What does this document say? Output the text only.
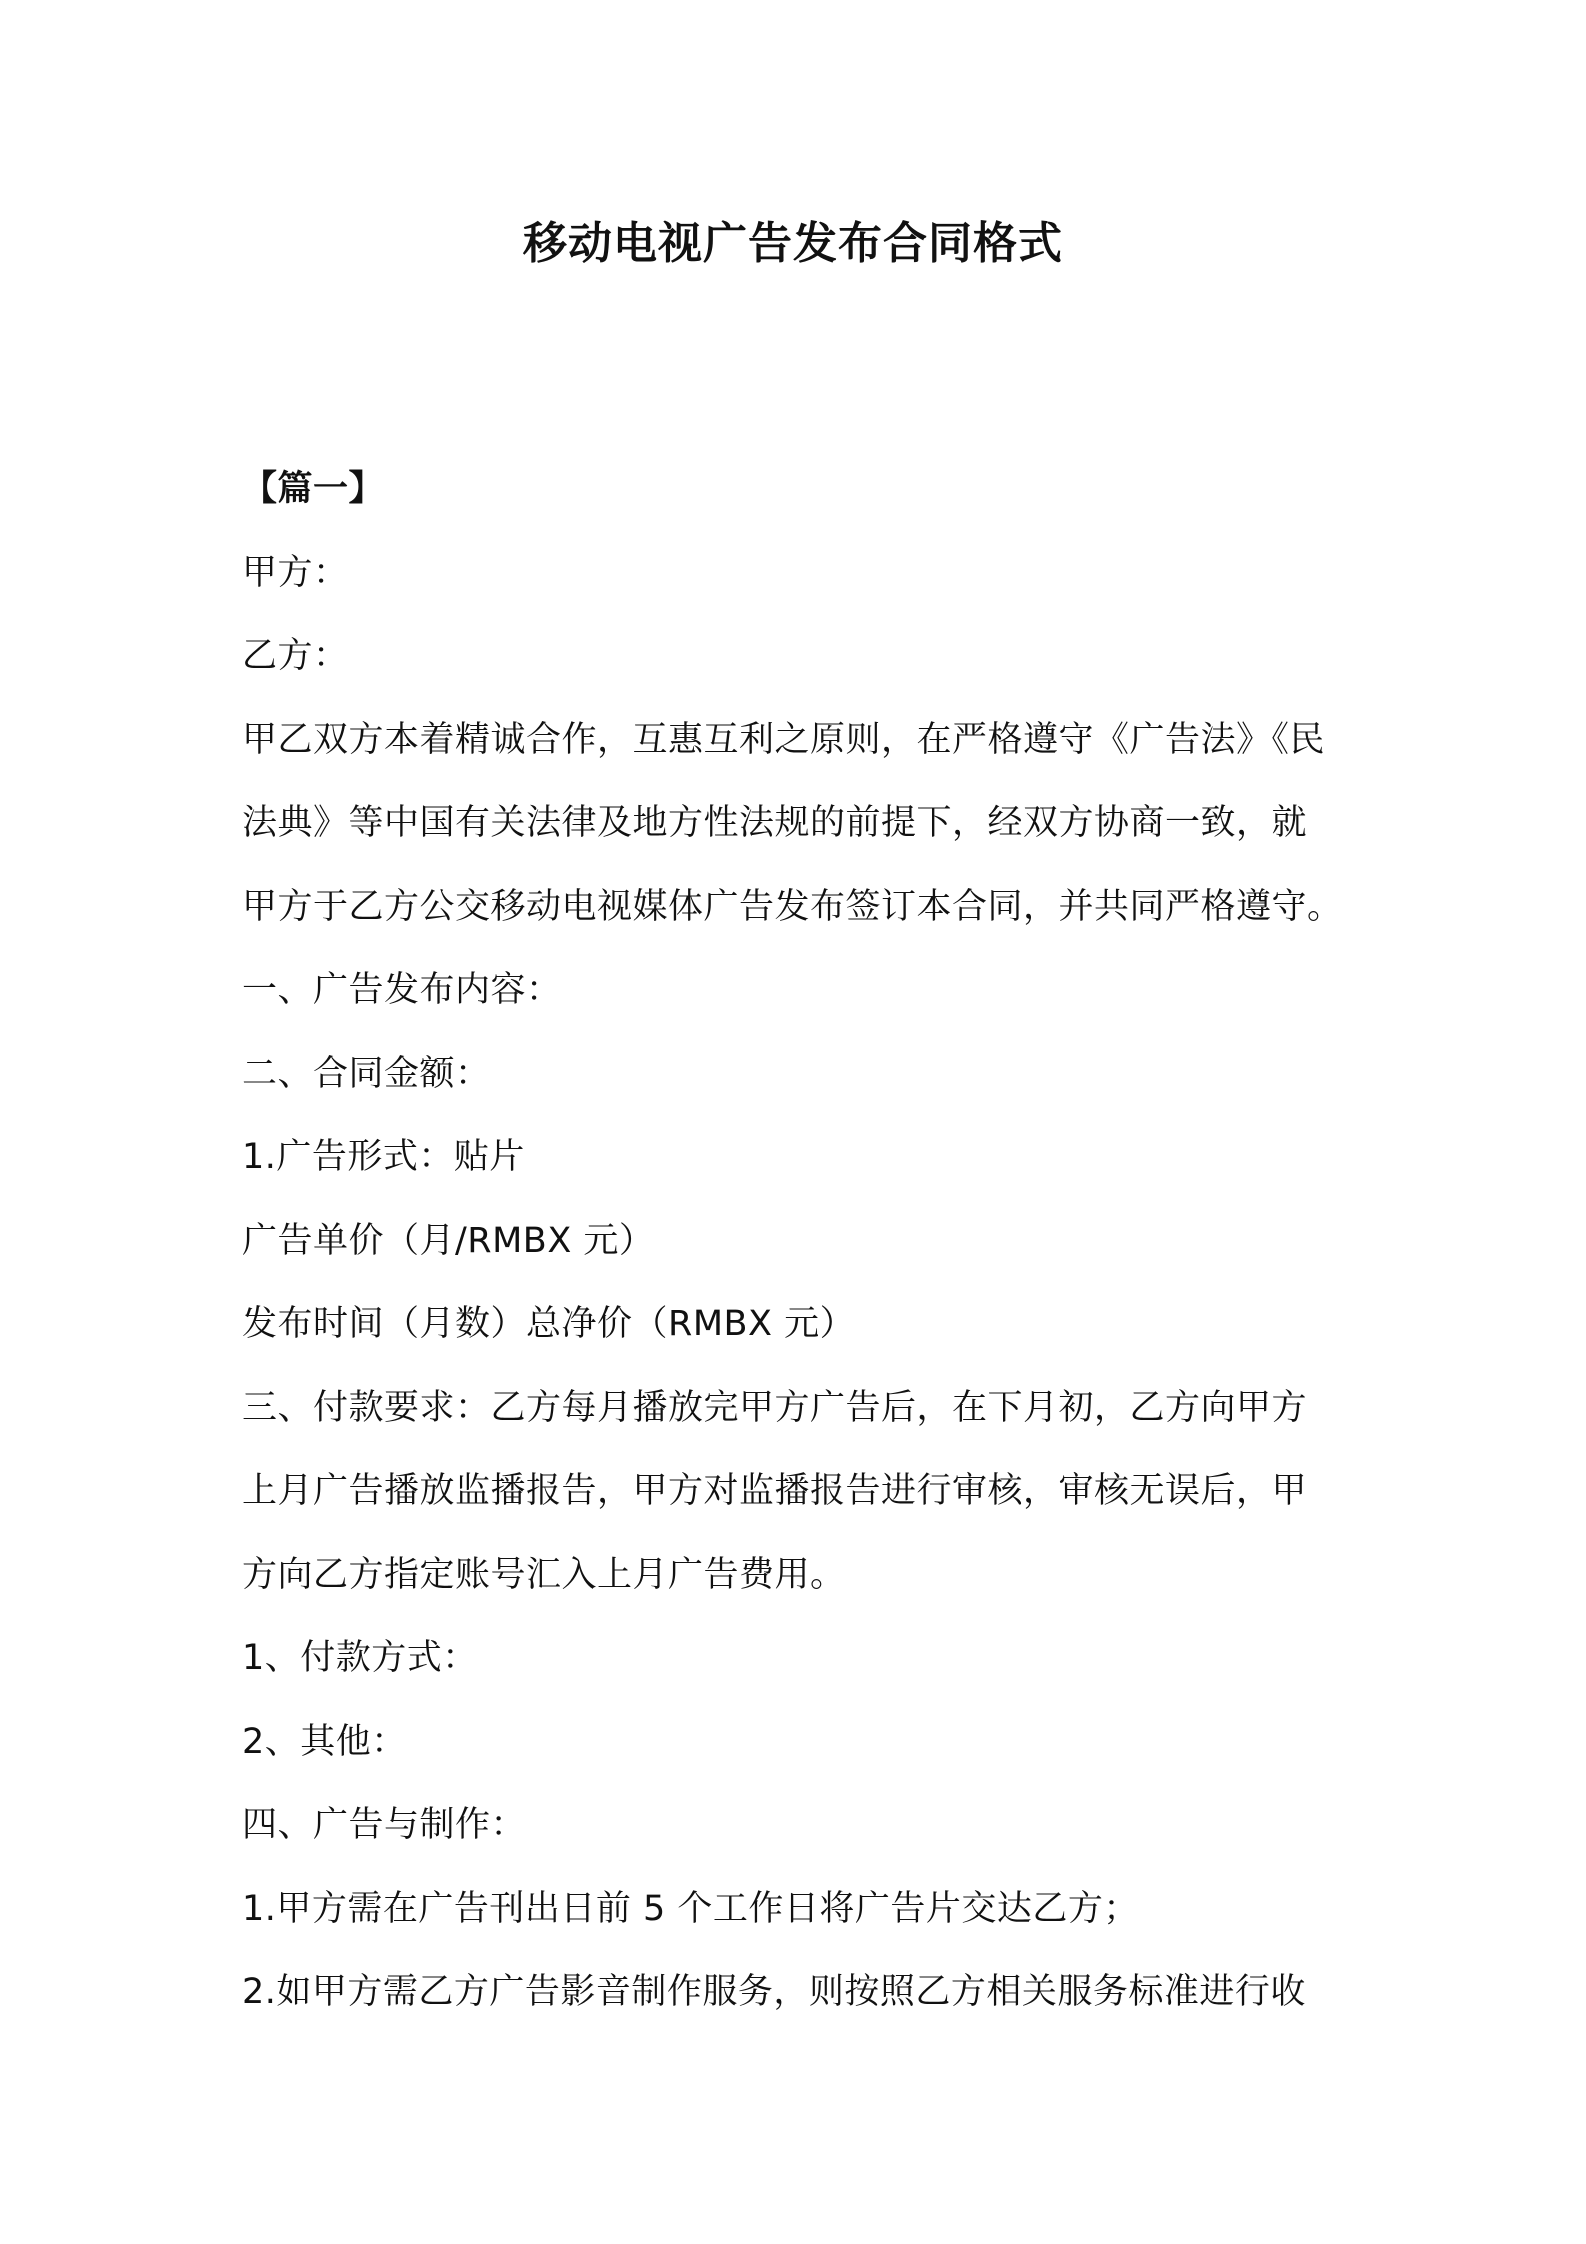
移动电视广告发布合同格式
【篇一】
甲方：
乙方：
甲乙双方本着精诚合作，互惠互利之原则，在严格遵守《广告法》《民
法典》等中国有关法律及地方性法规的前提下，经双方协商一致，就
甲方于乙方公交移动电视媒体广告发布签订本合同，并共同严格遵守。
一、广告发布内容：
二、合同金额：
1.广告形式：贴片
广告单价（月/RMBX 元）
发布时间（月数）总净价（RMBX 元）
三、付款要求：乙方每月播放完甲方广告后，在下月初，乙方向甲方
上月广告播放监播报告，甲方对监播报告进行审核，审核无误后，甲
方向乙方指定账号汇入上月广告费用。
1、付款方式：
2、其他：
四、广告与制作：
1.甲方需在广告刊出日前 5 个工作日将广告片交达乙方；
2.如甲方需乙方广告影音制作服务，则按照乙方相关服务标准进行收
